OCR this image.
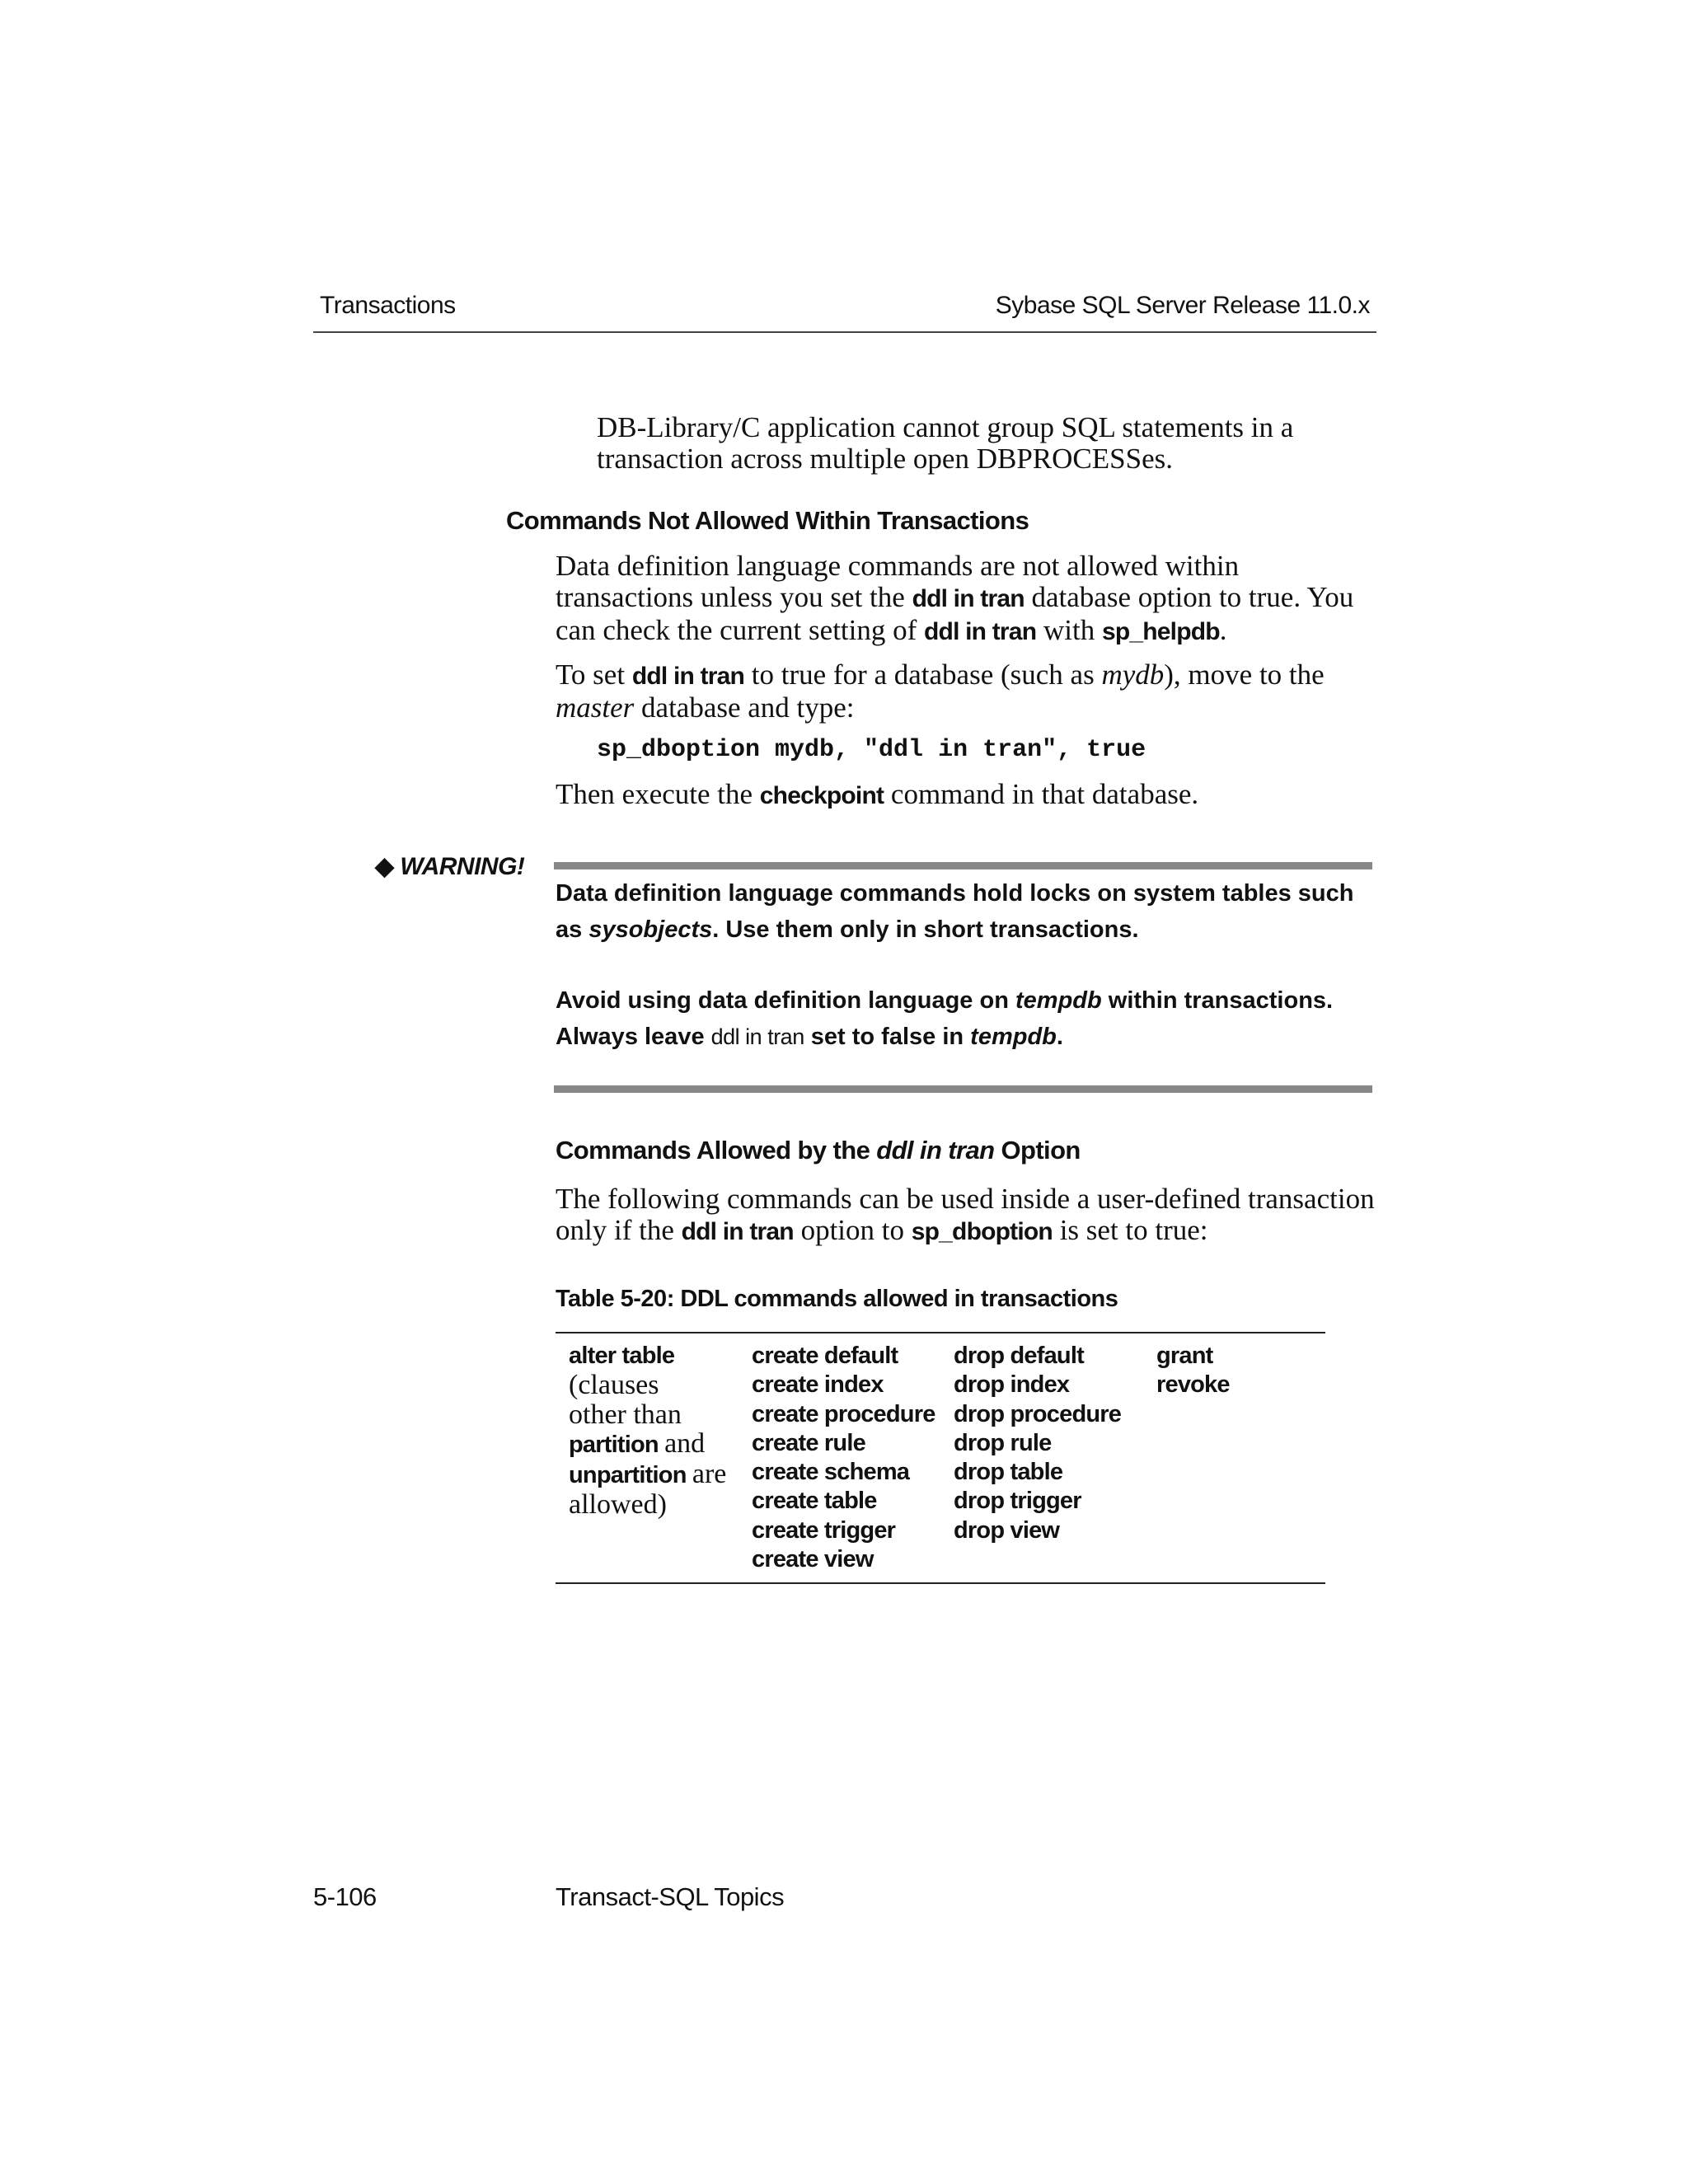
Transactions	Sybase SQL Server Release 11.0.x

DB-Library/C application cannot group SQL statements in a transaction across multiple open DBPROCESSes.

Commands Not Allowed Within Transactions

Data definition language commands are not allowed within transactions unless you set the ddl in tran database option to true. You can check the current setting of ddl in tran with sp_helpdb.

To set ddl in tran to true for a database (such as mydb), move to the
master database and type:

sp_dboption mydb, "ddl in tran", true

Then execute the checkpoint command in that database.

◆ WARNING!

Data definition language commands hold locks on system tables such as sysobjects. Use them only in short transactions.

Avoid using data definition language on tempdb within transactions. Always leave ddl in tran set to false in tempdb.

Commands Allowed by the ddl in tran Option

The following commands can be used inside a user-defined transaction only if the ddl in tran option to sp_dboption is set to true:

Table 5-20: DDL commands allowed in transactions
alter table
(clauses
other than
partition and
unpartition are
allowed)
create default
create index
create procedure
create rule
create schema
create table
create trigger
create view
drop default
drop index
drop procedure
drop rule
drop table
drop trigger
drop view
grant
revoke
5-106	Transact-SQL Topics
